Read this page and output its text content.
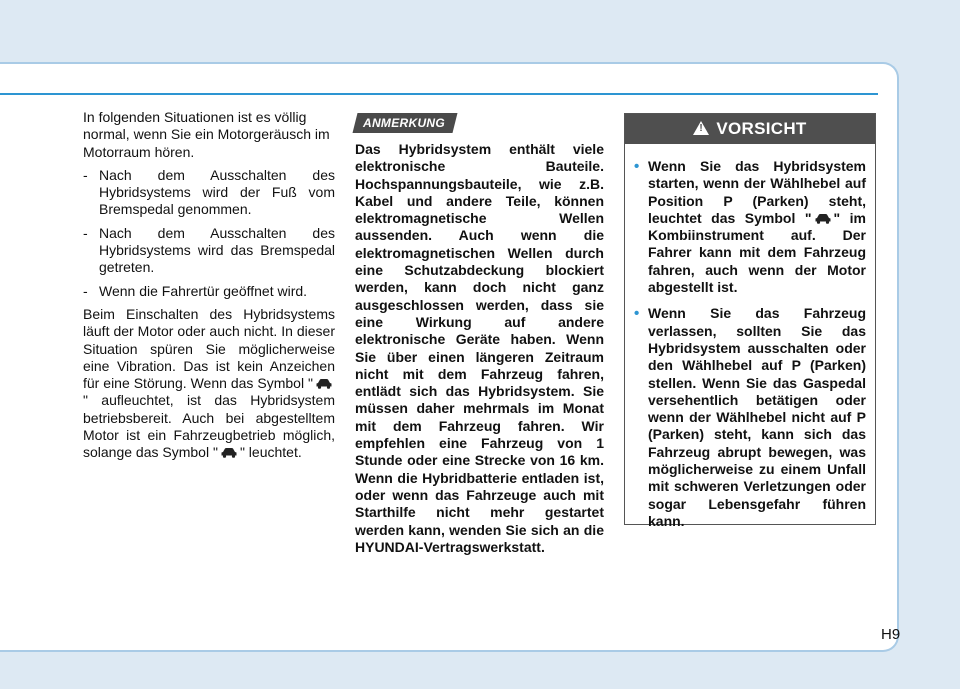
In folgenden Situationen ist es völlig normal, wenn Sie ein Motorgeräusch im Motorraum hören.

- Nach dem Ausschalten des Hybridsystems wird der Fuß vom Bremspedal genommen.
- Nach dem Ausschalten des Hybridsystems wird das Bremspedal getreten.
- Wenn die Fahrertür geöffnet wird.

Beim Einschalten des Hybridsystems läuft der Motor oder auch nicht. In dieser Situation spüren Sie möglicherweise eine Vibration. Das ist kein Anzeichen für eine Störung. Wenn das Symbol "" aufleuchtet, ist das Hybridsystem betriebsbereit. Auch bei abgestelltem Motor ist ein Fahrzeugbetrieb möglich, solange das Symbol " " leuchtet.

ANMERKUNG

Das Hybridsystem enthält viele elektronische Bauteile. Hochspannungsbauteile, wie z.B. Kabel und andere Teile, können elektromagnetische Wellen aussenden. Auch wenn die elektromagnetischen Wellen durch eine Schutzabdeckung blockiert werden, kann doch nicht ganz ausgeschlossen werden, dass sie eine Wirkung auf andere elektronische Geräte haben. Wenn Sie über einen längeren Zeitraum nicht mit dem Fahrzeug fahren, entlädt sich das Hybridsystem. Sie müssen daher mehrmals im Monat mit dem Fahrzeug fahren. Wir empfehlen eine Fahrzeug von 1 Stunde oder eine Strecke von 16 km. Wenn die Hybridbatterie entladen ist, oder wenn das Fahrzeuge auch mit Starthilfe nicht mehr gestartet werden kann, wenden Sie sich an die HYUNDAI-Vertragswerkstatt.

!
VORSICHT
• Wenn Sie das Hybridsystem starten, wenn der Wählhebel auf Position P (Parken) steht, leuchtet das Symbol " " im Kombiinstrument auf. Der Fahrer kann mit dem Fahrzeug fahren, auch wenn der Motor abgestellt ist.
• Wenn Sie das Fahrzeug verlassen, sollten Sie das Hybridsystem ausschalten oder den Wählhebel auf P (Parken) stellen. Wenn Sie das Gaspedal versehentlich betätigen oder wenn der Wählhebel nicht auf P (Parken) steht, kann sich das Fahrzeug abrupt bewegen, was möglicherweise zu einem Unfall mit schweren Verletzungen oder sogar Lebensgefahr führen kann.
H9
